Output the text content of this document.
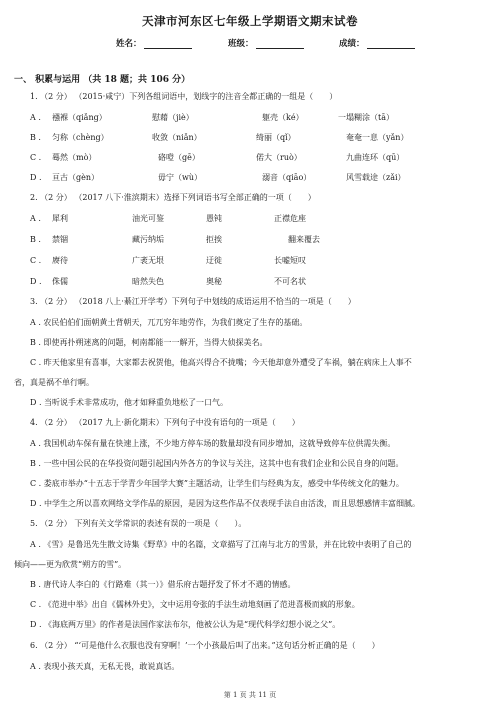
天津市河东区七年级上学期语文期末试卷
姓名：	班级：	成绩：
一、 积累与运用 （共 18 题；共 106 分）
1. （2 分） （2015·咸宁）下列各组词语中，划线字的注音全都正确的一组是（　　）
A . 襁褓（qiǎng）	慰藉（jiè）	躯壳（ké）	一塌糊涂（tā）
B . 匀称（chèng）	收敛（niǎn）	绮丽（qǐ）	奄奄一息（yǎn）
C . 蓦然（mò）	硌噔（gē）	偌大（ruò）	九曲连环（qū）
D . 亘古（gèn）	毋宁（wù）	溺音（qiāo）	风雪载途（zǎi）
2. （2 分） （2017 八下·淮滨期末）选择下列词语书写全部正确的一项（　　）
A . 犀利	油光可鉴	愚钝	正襟危座
B . 禁锢	藏污纳垢	拒挨	翻来覆去
C . 赓待	广袤无垠	迂徙	长嘘短叹
D . 侏儒	暗然失色	奥秘	不可名状
3. （2 分） （2018 八上·綦江开学考）下列句子中划线的成语运用不恰当的一项是（　　）
A . 农民伯伯们面朝黄土背朝天，兀兀穷年地劳作，为我们奠定了生存的基础。
B . 即使再扑朔迷离的问题，柯南都能一一解开，当得大侦探美名。
C . 昨天他家里有喜事，大家都去祝贺他，他高兴得合不拢嘴；今天他却意外遭受了车祸，躺在病床上人事不
省，真是祸不单行啊。
D . 当听说手术非常成功，他才如释重负地松了一口气。
4. （2 分） （2017 九上·新化期末）下列句子中没有语句的一项是（　　）
A . 我国机动车保有量在快速上涨，不少地方停车场的数量却没有同步增加，这就导致停车位供需失衡。
B . 一些中国公民的在华投资问题引起国内外各方的争议与关注，这其中也有我们企业和公民自身的问题。
C . 娄底市举办“十五志于学青少年国学大赛”主题活动，让学生们与经典为友，感受中华传统文化的魅力。
D . 中学生之所以喜欢网络文学作品的原因，是因为这些作品不仅表现手法自由活泼，而且思想感情丰富细腻。
5. （2 分） 下列有关文学常识的表述有误的一项是（　　）。
A . 《雪》是鲁迅先生散文诗集《野草》中的名篇，文章描写了江南与北方的雪景，并在比较中表明了自己的
倾向——更为欣赏“朔方的雪”。
B . 唐代诗人李白的《行路难（其一）》借乐府古题抒发了怀才不遇的情感。
C . 《范进中举》出自《儒林外史》，文中运用夸张的手法生动地刻画了范进喜极而疯的形象。
D . 《海底两万里》的作者是法国作家法布尔，他被公认为是“现代科学幻想小说之父”。
6. （2 分） “‘可是他什么衣服也没有穿啊！’一个小孩最后叫了出来。”这句话分析正确的是（　　）
A . 表现小孩天真，无私无畏，敢说真话。
第 1 页 共 11 页
